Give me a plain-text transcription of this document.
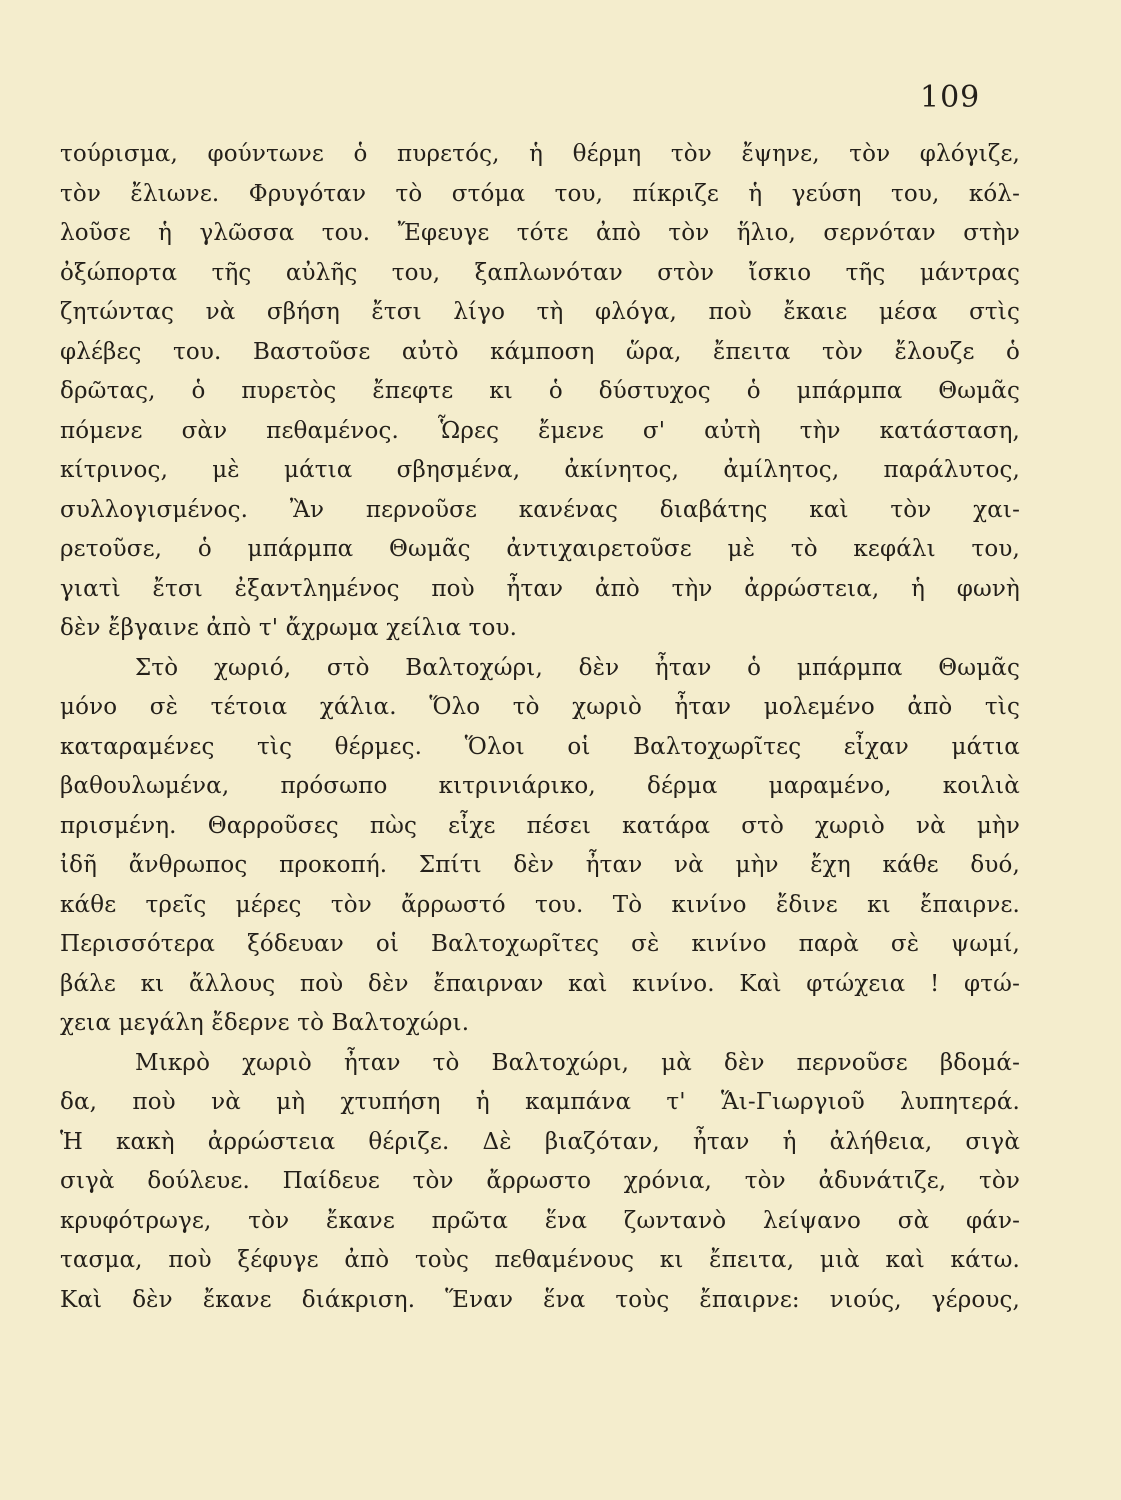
109
τούρισμα, φούντωνε ὁ πυρετός, ἡ θέρμη τὸν ἔψηνε, τὸν φλόγιζε,
τὸν ἔλιωνε. Φρυγόταν τὸ στόμα του, πίκριζε ἡ γεύση του, κόλ-
λοῦσε ἡ γλῶσσα του. Ἔφευγε τότε ἀπὸ τὸν ἥλιο, σερνόταν στὴν
ὀξώπορτα τῆς αὐλῆς του, ξαπλωνόταν στὸν ἴσκιο τῆς μάντρας
ζητώντας νὰ σβήση ἔτσι λίγο τὴ φλόγα, ποὺ ἔκαιε μέσα στὶς
φλέβες του. Βαστοῦσε αὐτὸ κάμποση ὥρα, ἔπειτα τὸν ἔλουζε ὁ
δρῶτας, ὁ πυρετὸς ἔπεφτε κι ὁ δύστυχος ὁ μπάρμπα Θωμᾶς
πόμενε σὰν πεθαμένος. Ὧρες ἔμενε σ' αὐτὴ τὴν κατάσταση,
κίτρινος, μὲ μάτια σβησμένα, ἀκίνητος, ἀμίλητος, παράλυτος,
συλλογισμένος. Ἂν περνοῦσε κανένας διαβάτης καὶ τὸν χαι-
ρετοῦσε, ὁ μπάρμπα Θωμᾶς ἀντιχαιρετοῦσε μὲ τὸ κεφάλι του,
γιατὶ ἔτσι ἐξαντλημένος ποὺ ἦταν ἀπὸ τὴν ἀρρώστεια, ἡ φωνὴ
δὲν ἔβγαινε ἀπὸ τ' ἄχρωμα χείλια του.
Στὸ χωριό, στὸ Βαλτοχώρι, δὲν ἦταν ὁ μπάρμπα Θωμᾶς
μόνο σὲ τέτοια χάλια. Ὅλο τὸ χωριὸ ἦταν μολεμένο ἀπὸ τὶς
καταραμένες τὶς θέρμες. Ὅλοι οἱ Βαλτοχωρῖτες εἶχαν μάτια
βαθουλωμένα, πρόσωπο κιτρινιάρικο, δέρμα μαραμένο, κοιλιὰ
πρισμένη. Θαρροῦσες πὼς εἶχε πέσει κατάρα στὸ χωριὸ νὰ μὴν
ἰδῆ ἄνθρωπος προκοπή. Σπίτι δὲν ἦταν νὰ μὴν ἔχη κάθε δυό,
κάθε τρεῖς μέρες τὸν ἄρρωστό του. Τὸ κινίνο ἔδινε κι ἔπαιρνε.
Περισσότερα ξόδευαν οἱ Βαλτοχωρῖτες σὲ κινίνο παρὰ σὲ ψωμί,
βάλε κι ἄλλους ποὺ δὲν ἔπαιρναν καὶ κινίνο. Καὶ φτώχεια ! φτώ-
χεια μεγάλη ἔδερνε τὸ Βαλτοχώρι.
Μικρὸ χωριὸ ἦταν τὸ Βαλτοχώρι, μὰ δὲν περνοῦσε βδομά-
δα, ποὺ νὰ μὴ χτυπήση ἡ καμπάνα τ' Ἅι-Γιωργιοῦ λυπητερά.
Ἡ κακὴ ἀρρώστεια θέριζε. Δὲ βιαζόταν, ἦταν ἡ ἀλήθεια, σιγὰ
σιγὰ δούλευε. Παίδευε τὸν ἄρρωστο χρόνια, τὸν ἀδυνάτιζε, τὸν
κρυφότρωγε, τὸν ἔκανε πρῶτα ἕνα ζωντανὸ λείψανο σὰ φάν-
τασμα, ποὺ ξέφυγε ἀπὸ τοὺς πεθαμένους κι ἔπειτα, μιὰ καὶ κάτω.
Καὶ δὲν ἔκανε διάκριση. Ἕναν ἕνα τοὺς ἔπαιρνε: νιούς, γέρους,
